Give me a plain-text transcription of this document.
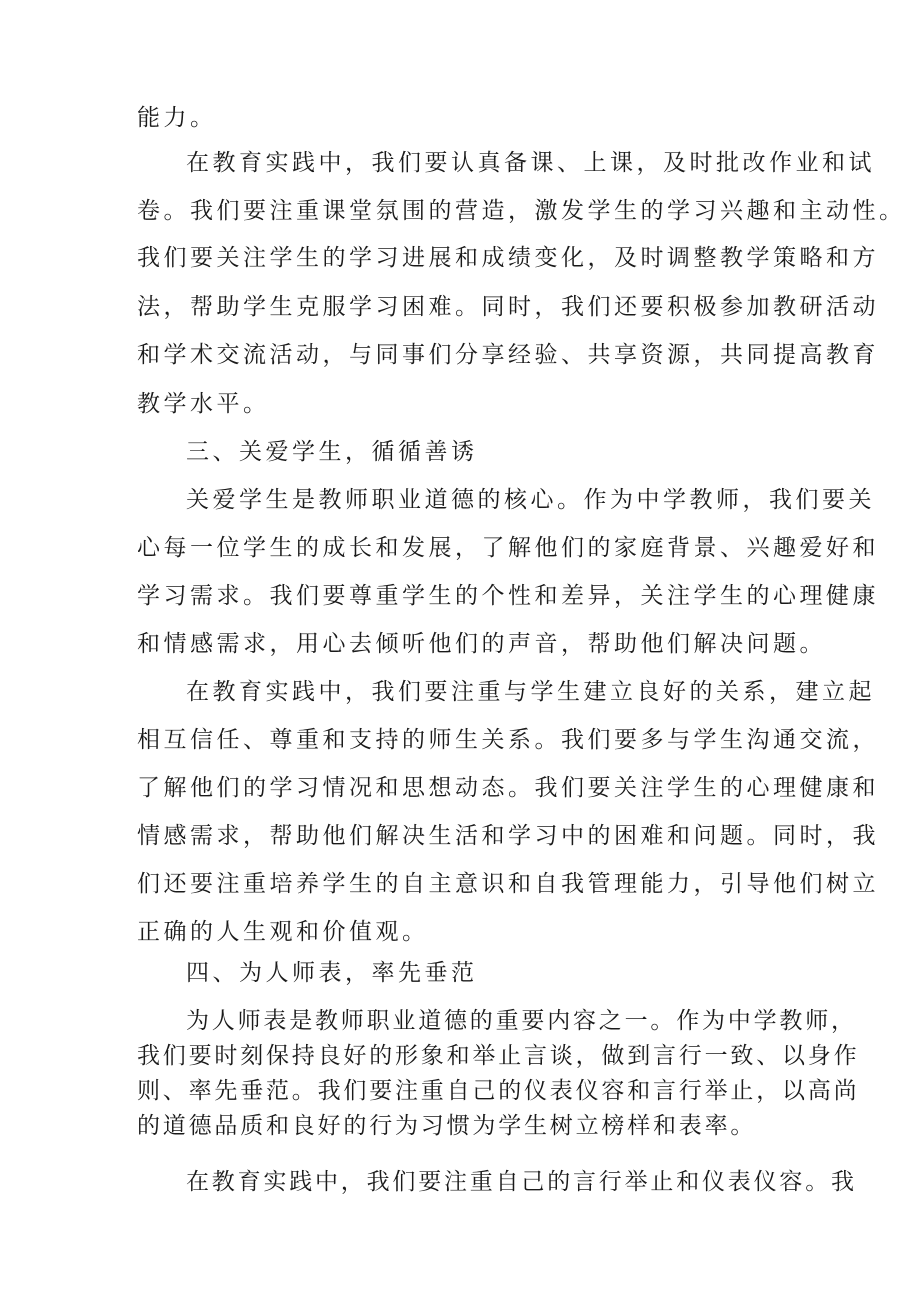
能力。
在教育实践中，我们要认真备课、上课，及时批改作业和试
卷。我们要注重课堂氛围的营造，激发学生的学习兴趣和主动性。
我们要关注学生的学习进展和成绩变化，及时调整教学策略和方
法，帮助学生克服学习困难。同时，我们还要积极参加教研活动
和学术交流活动，与同事们分享经验、共享资源，共同提高教育
教学水平。
三、关爱学生，循循善诱
关爱学生是教师职业道德的核心。作为中学教师，我们要关
心每一位学生的成长和发展，了解他们的家庭背景、兴趣爱好和
学习需求。我们要尊重学生的个性和差异，关注学生的心理健康
和情感需求，用心去倾听他们的声音，帮助他们解决问题。
在教育实践中，我们要注重与学生建立良好的关系，建立起
相互信任、尊重和支持的师生关系。我们要多与学生沟通交流，
了解他们的学习情况和思想动态。我们要关注学生的心理健康和
情感需求，帮助他们解决生活和学习中的困难和问题。同时，我
们还要注重培养学生的自主意识和自我管理能力，引导他们树立
正确的人生观和价值观。
四、为人师表，率先垂范
为人师表是教师职业道德的重要内容之一。作为中学教师，
我们要时刻保持良好的形象和举止言谈，做到言行一致、以身作
则、率先垂范。我们要注重自己的仪表仪容和言行举止，以高尚
的道德品质和良好的行为习惯为学生树立榜样和表率。
在教育实践中，我们要注重自己的言行举止和仪表仪容。我
